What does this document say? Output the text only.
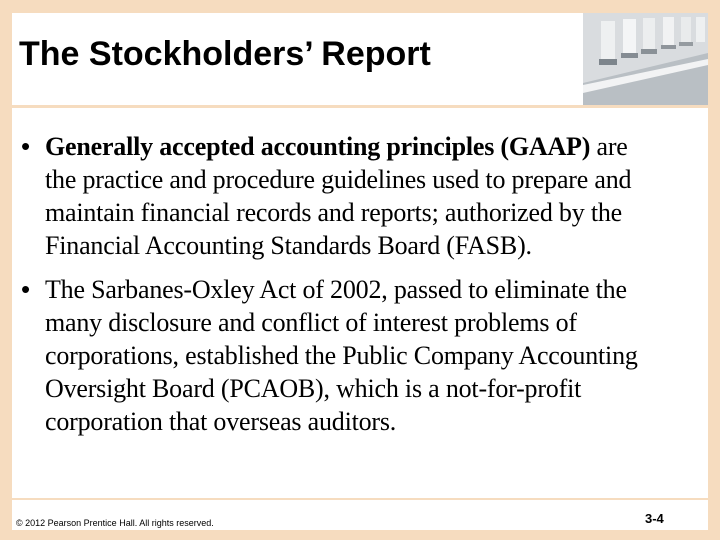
The Stockholders’ Report
• Generally accepted accounting principles (GAAP) are
the practice and procedure guidelines used to prepare and
maintain financial records and reports; authorized by the
Financial Accounting Standards Board (FASB).
• The Sarbanes-Oxley Act of 2002, passed to eliminate the
many disclosure and conflict of interest problems of
corporations, established the Public Company Accounting
Oversight Board (PCAOB), which is a not-for-profit
corporation that overseas auditors.
© 2012 Pearson Prentice Hall. All rights reserved.	3-4
